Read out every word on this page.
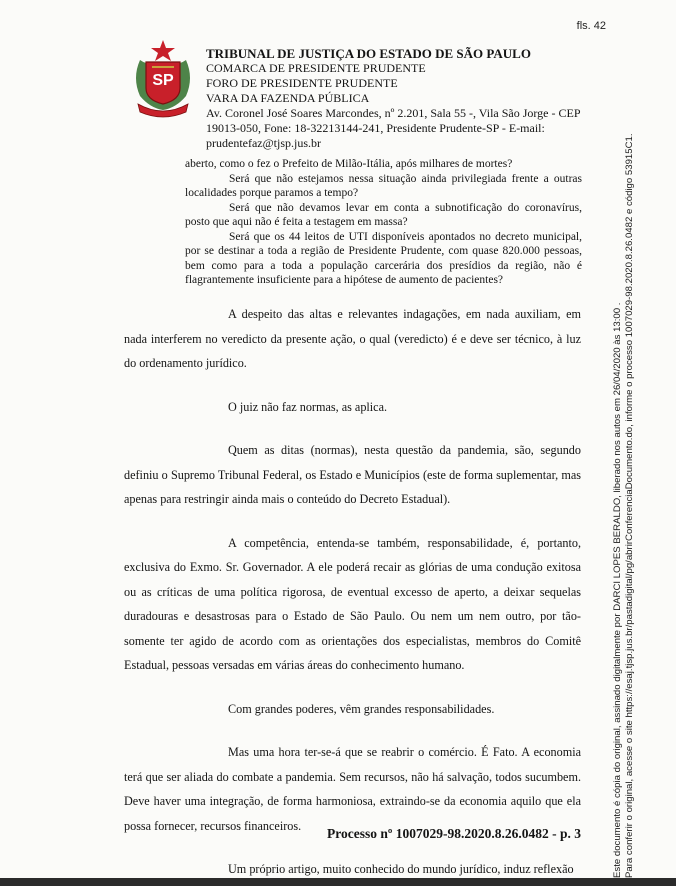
fls. 42
SP
TRIBUNAL DE JUSTIÇA DO ESTADO DE SÃO PAULO
COMARCA DE PRESIDENTE PRUDENTE
FORO DE PRESIDENTE PRUDENTE
VARA DA FAZENDA PÚBLICA
Av. Coronel José Soares Marcondes, nº 2.201, Sala 55 -, Vila São Jorge - CEP 19013-050, Fone: 18-32213144-241, Presidente Prudente-SP - E-mail: prudentefaz@tjsp.jus.br

aberto, como o fez o Prefeito de Milão-Itália, após milhares de mortes?

Será que não estejamos nessa situação ainda privilegiada frente a outras localidades porque paramos a tempo?

Será que não devamos levar em conta a subnotificação do coronavírus, posto que aqui não é feita a testagem em massa?

Será que os 44 leitos de UTI disponíveis apontados no decreto municipal, por se destinar a toda a região de Presidente Prudente, com quase 820.000 pessoas, bem como para a toda a população carcerária dos presídios da região, não é flagrantemente insuficiente para a hipótese de aumento de pacientes?

A despeito das altas e relevantes indagações, em nada auxiliam, em nada interferem no veredicto da presente ação, o qual (veredicto) é e deve ser técnico, à luz do ordenamento jurídico.

O juiz não faz normas, as aplica.

Quem as ditas (normas), nesta questão da pandemia, são, segundo definiu o Supremo Tribunal Federal, os Estado e Municípios (este de forma suplementar, mas apenas para restringir ainda mais o conteúdo do Decreto Estadual).

A competência, entenda-se também, responsabilidade, é, portanto, exclusiva do Exmo. Sr. Governador. A ele poderá recair as glórias de uma condução exitosa ou as críticas de uma política rigorosa, de eventual excesso de aperto, a deixar sequelas duradouras e desastrosas para o Estado de São Paulo. Ou nem um nem outro, por tão-somente ter agido de acordo com as orientações dos especialistas, membros do Comitê Estadual, pessoas versadas em várias áreas do conhecimento humano.

Com grandes poderes, vêm grandes responsabilidades.

Mas uma hora ter-se-á que se reabrir o comércio. É Fato. A economia terá que ser aliada do combate a pandemia. Sem recursos, não há salvação, todos sucumbem. Deve haver uma integração, de forma harmoniosa, extraindo-se da economia aquilo que ela possa fornecer, recursos financeiros.

Um próprio artigo, muito conhecido do mundo jurídico, induz reflexão

Processo nº 1007029-98.2020.8.26.0482 - p. 3	Este documento é cópia do original, assinado digitalmente por DARCI LOPES BERALDO, liberado nos autos em 26/04/2020 às 13:00 . Para conferir o original, acesse o site https://esaj.tjsp.jus.br/pastadigital/pg/abrirConferenciaDocumento.do, informe o processo 1007029-98.2020.8.26.0482 e código 53915C1.
